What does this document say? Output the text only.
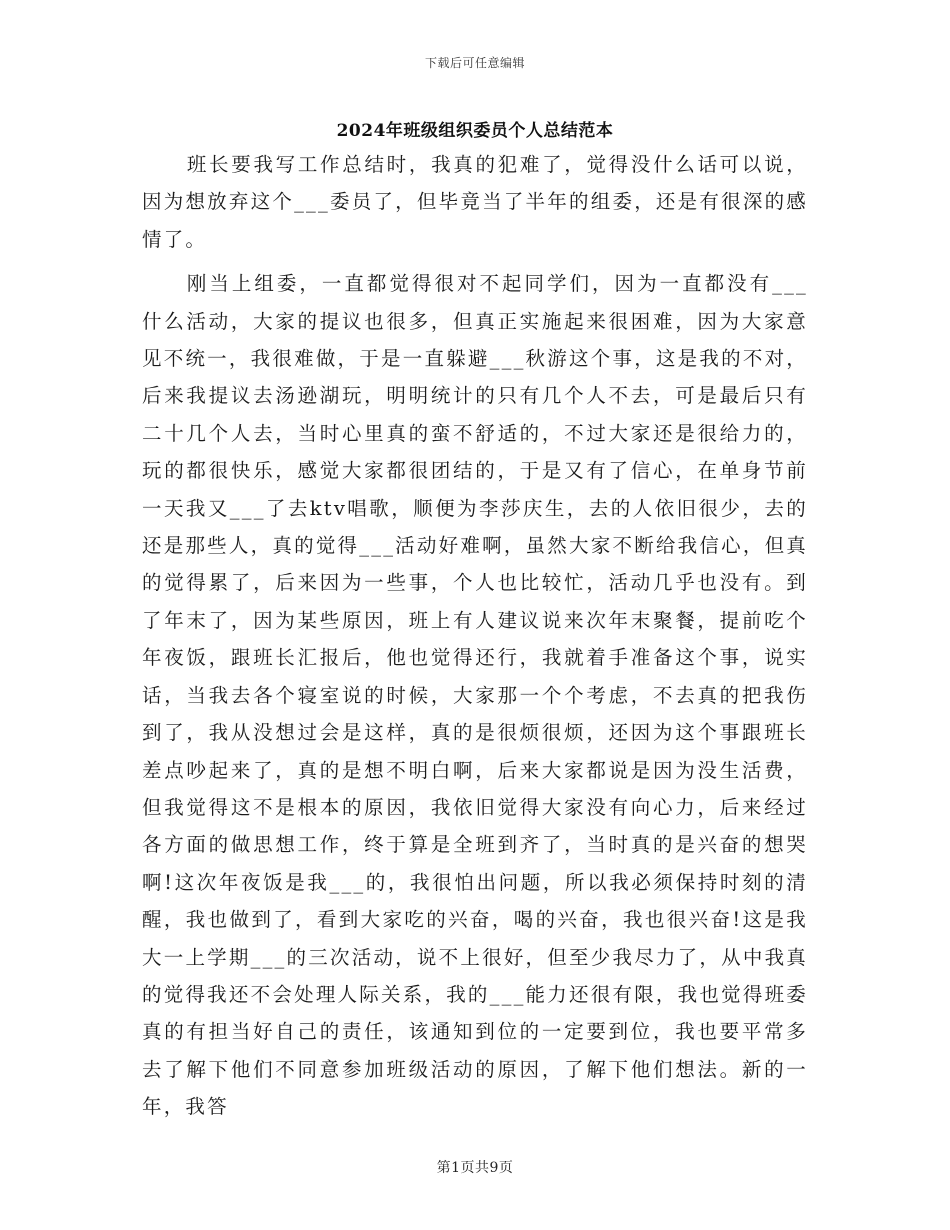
下载后可任意编辑
2024年班级组织委员个人总结范本

班长要我写工作总结时，我真的犯难了，觉得没什么话可以说，因为想放弃这个___委员了，但毕竟当了半年的组委，还是有很深的感情了。

刚当上组委，一直都觉得很对不起同学们，因为一直都没有___什么活动，大家的提议也很多，但真正实施起来很困难，因为大家意见不统一，我很难做，于是一直躲避___秋游这个事，这是我的不对，后来我提议去汤逊湖玩，明明统计的只有几个人不去，可是最后只有二十几个人去，当时心里真的蛮不舒适的，不过大家还是很给力的，玩的都很快乐，感觉大家都很团结的，于是又有了信心，在单身节前一天我又___了去ktv唱歌，顺便为李莎庆生，去的人依旧很少，去的还是那些人，真的觉得___活动好难啊，虽然大家不断给我信心，但真的觉得累了，后来因为一些事，个人也比较忙，活动几乎也没有。到了年末了，因为某些原因，班上有人建议说来次年末聚餐，提前吃个年夜饭，跟班长汇报后，他也觉得还行，我就着手准备这个事，说实话，当我去各个寝室说的时候，大家那一个个考虑，不去真的把我伤到了，我从没想过会是这样，真的是很烦很烦，还因为这个事跟班长差点吵起来了，真的是想不明白啊，后来大家都说是因为没生活费，但我觉得这不是根本的原因，我依旧觉得大家没有向心力，后来经过各方面的做思想工作，终于算是全班到齐了，当时真的是兴奋的想哭啊!这次年夜饭是我___的，我很怕出问题，所以我必须保持时刻的清醒，我也做到了，看到大家吃的兴奋，喝的兴奋，我也很兴奋!这是我大一上学期___的三次活动，说不上很好，但至少我尽力了，从中我真的觉得我还不会处理人际关系，我的___能力还很有限，我也觉得班委真的有担当好自己的责任，该通知到位的一定要到位，我也要平常多去了解下他们不同意参加班级活动的原因，了解下他们想法。新的一年，我答

第1页共9页
